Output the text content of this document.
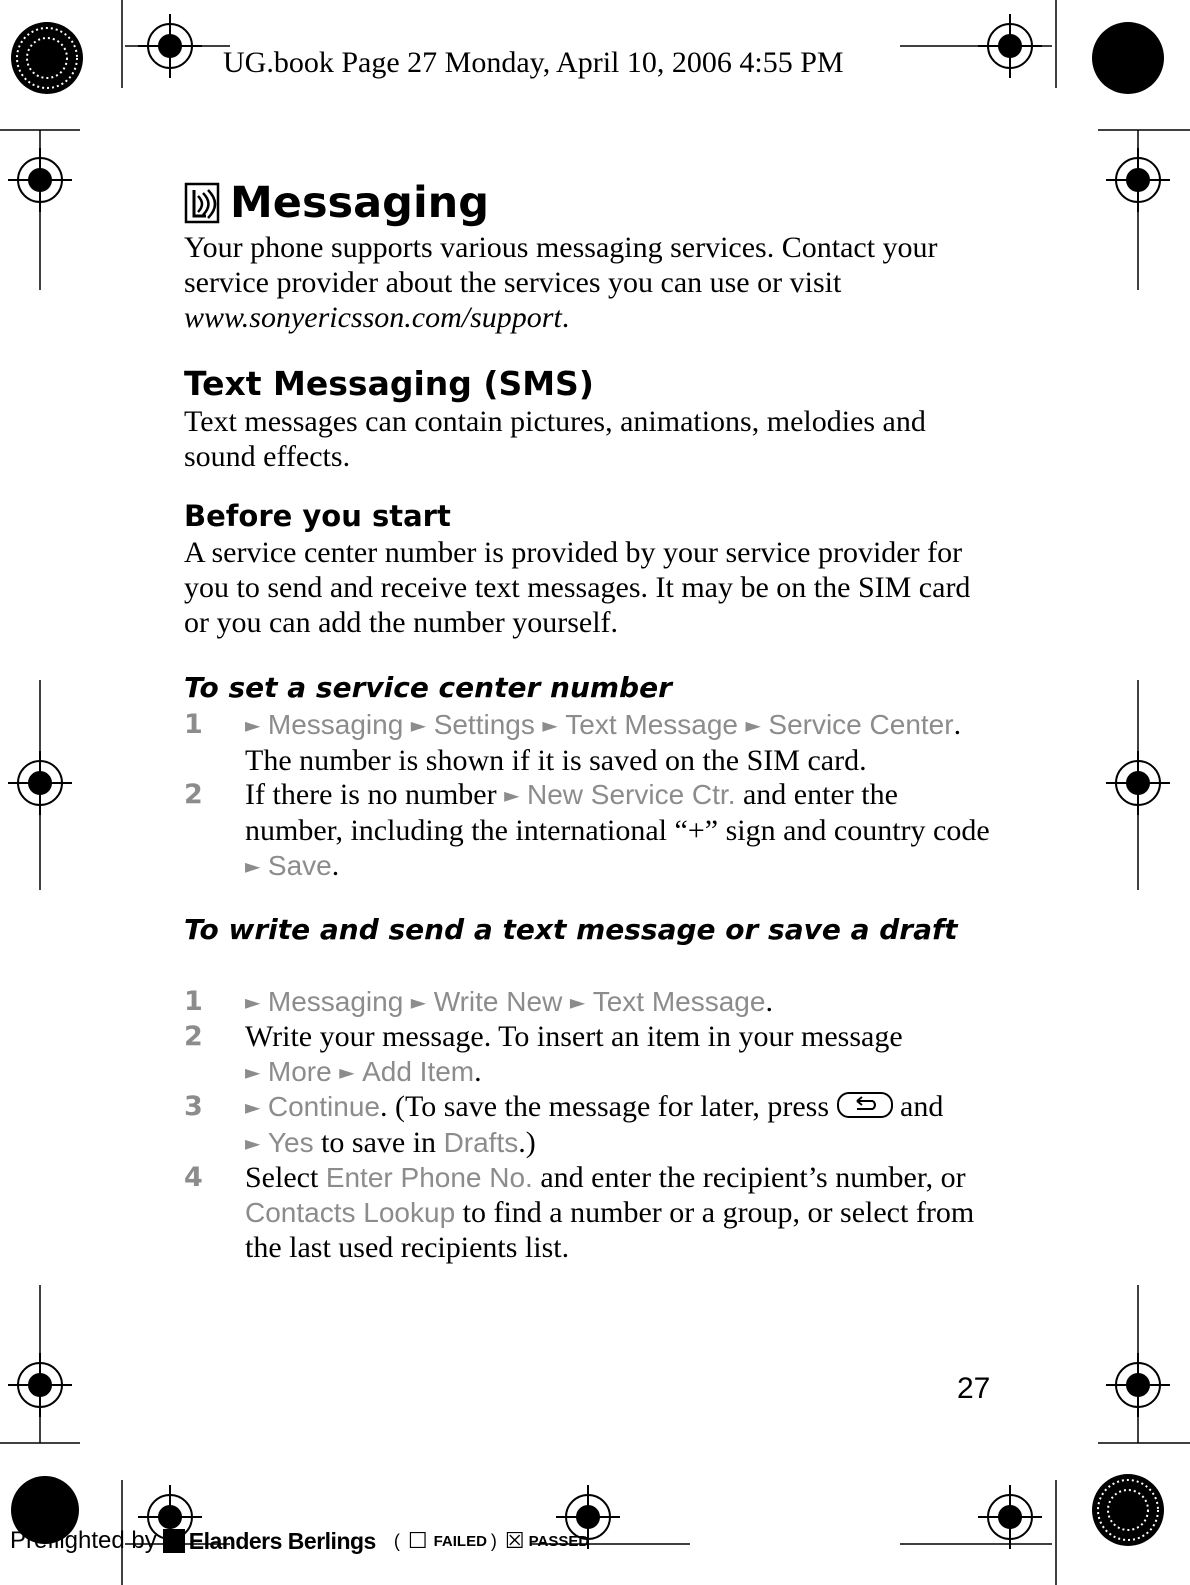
UG.book Page 27 Monday, April 10, 2006 4:55 PM
Messaging
Your phone supports various messaging services. Contact your service provider about the services you can use or visit www.sonyericsson.com/support.
Text Messaging (SMS)
Text messages can contain pictures, animations, melodies and sound effects.
Before you start
A service center number is provided by your service provider for you to send and receive text messages. It may be on the SIM card or you can add the number yourself.
To set a service center number
1 ► Messaging ► Settings ► Text Message ► Service Center.
The number is shown if it is saved on the SIM card.
2 If there is no number ► New Service Ctr. and enter the number, including the international “+” sign and country code ► Save.
To write and send a text message or save a draft
1 ► Messaging ► Write New ► Text Message.
2 Write your message. To insert an item in your message
► More ► Add Item.
3 ► Continue. (To save the message for later, press
and
► Yes to save in Drafts.)
4 Select Enter Phone No. and enter the recipient’s number, or Contacts Lookup to find a number or a group, or select from the last used recipients list.
27
Preflighted by Elanders Berlings ( ☐ FAILED ) ☒ PASSED
